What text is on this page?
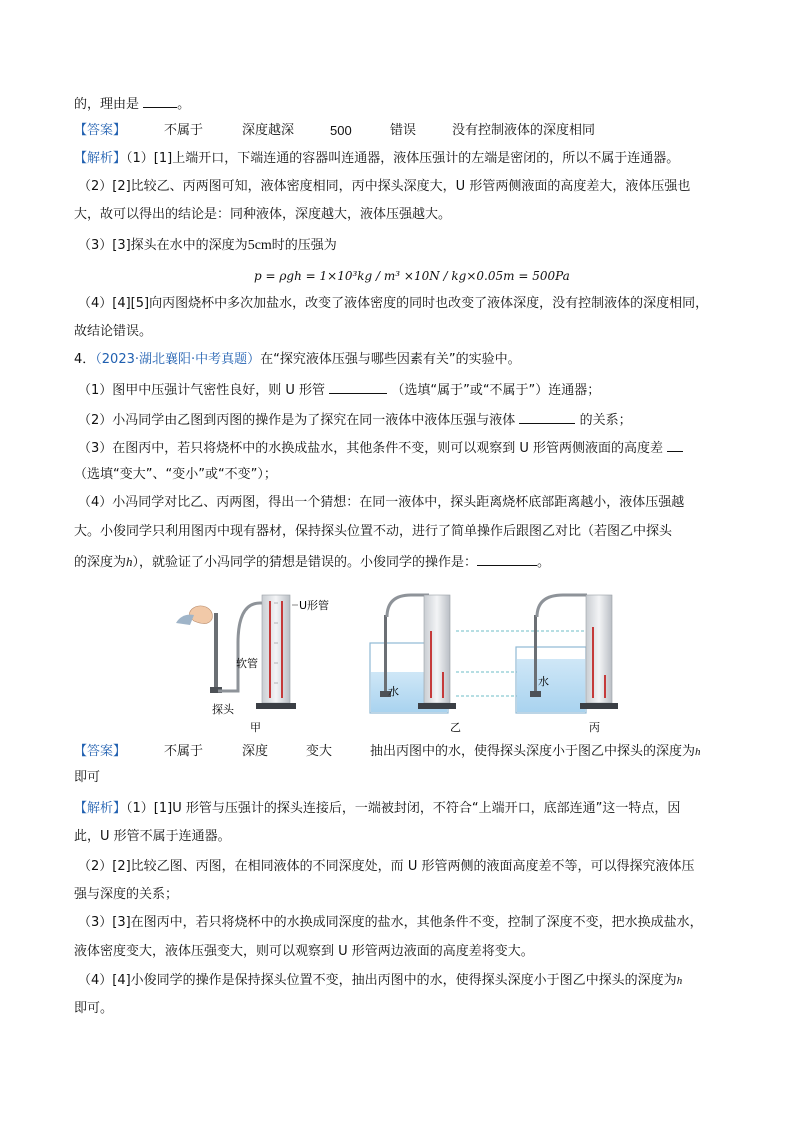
的，理由是	。
【答案】	不属于	深度越深	500	错误	没有控制液体的深度相同
【解析】（1）[1]上端开口，下端连通的容器叫连通器，液体压强计的左端是密闭的，所以不属于连通器。
（2）[2]比较乙、丙两图可知，液体密度相同，丙中探头深度大，U 形管两侧液面的高度差大，液体压强也
大，故可以得出的结论是：同种液体，深度越大，液体压强越大。
（3）[3]探头在水中的深度为5cm时的压强为
p = ρgh = 1×10³kg / m³ ×10N / kg×0.05m = 500Pa
（4）[4][5]向丙图烧杯中多次加盐水，改变了液体密度的同时也改变了液体深度，没有控制液体的深度相同，
故结论错误。
4．（2023·湖北襄阳·中考真题）在“探究液体压强与哪些因素有关”的实验中。
（1）图甲中压强计气密性良好，则 U 形管	（选填“属于”或“不属于”）连通器；
（2）小冯同学由乙图到丙图的操作是为了探究在同一液体中液体压强与液体	的关系；
（3）在图丙中，若只将烧杯中的水换成盐水，其他条件不变，则可以观察到 U 形管两侧液面的高度差
（选填“变大”、“变小”或“不变”）；
（4）小冯同学对比乙、丙两图，得出一个猜想：在同一液体中，探头距离烧杯底部距离越小，液体压强越
大。小俊同学只利用图丙中现有器材，保持探头位置不动，进行了简单操作后跟图乙对比（若图乙中探头
的深度为h），就验证了小冯同学的猜想是错误的。小俊同学的操作是：	。
U形管
软管
探头
甲
水
乙
水
丙
【答案】	不属于	深度	变大	抽出丙图中的水，使得探头深度小于图乙中探头的深度为h
即可
【解析】（1）[1]U 形管与压强计的探头连接后，一端被封闭，不符合“上端开口，底部连通”这一特点，因
此，U 形管不属于连通器。
（2）[2]比较乙图、丙图，在相同液体的不同深度处，而 U 形管两侧的液面高度差不等，可以得探究液体压
强与深度的关系；
（3）[3]在图丙中，若只将烧杯中的水换成同深度的盐水，其他条件不变，控制了深度不变，把水换成盐水，
液体密度变大，液体压强变大，则可以观察到 U 形管两边液面的高度差将变大。
（4）[4]小俊同学的操作是保持探头位置不变，抽出丙图中的水，使得探头深度小于图乙中探头的深度为h
即可。
